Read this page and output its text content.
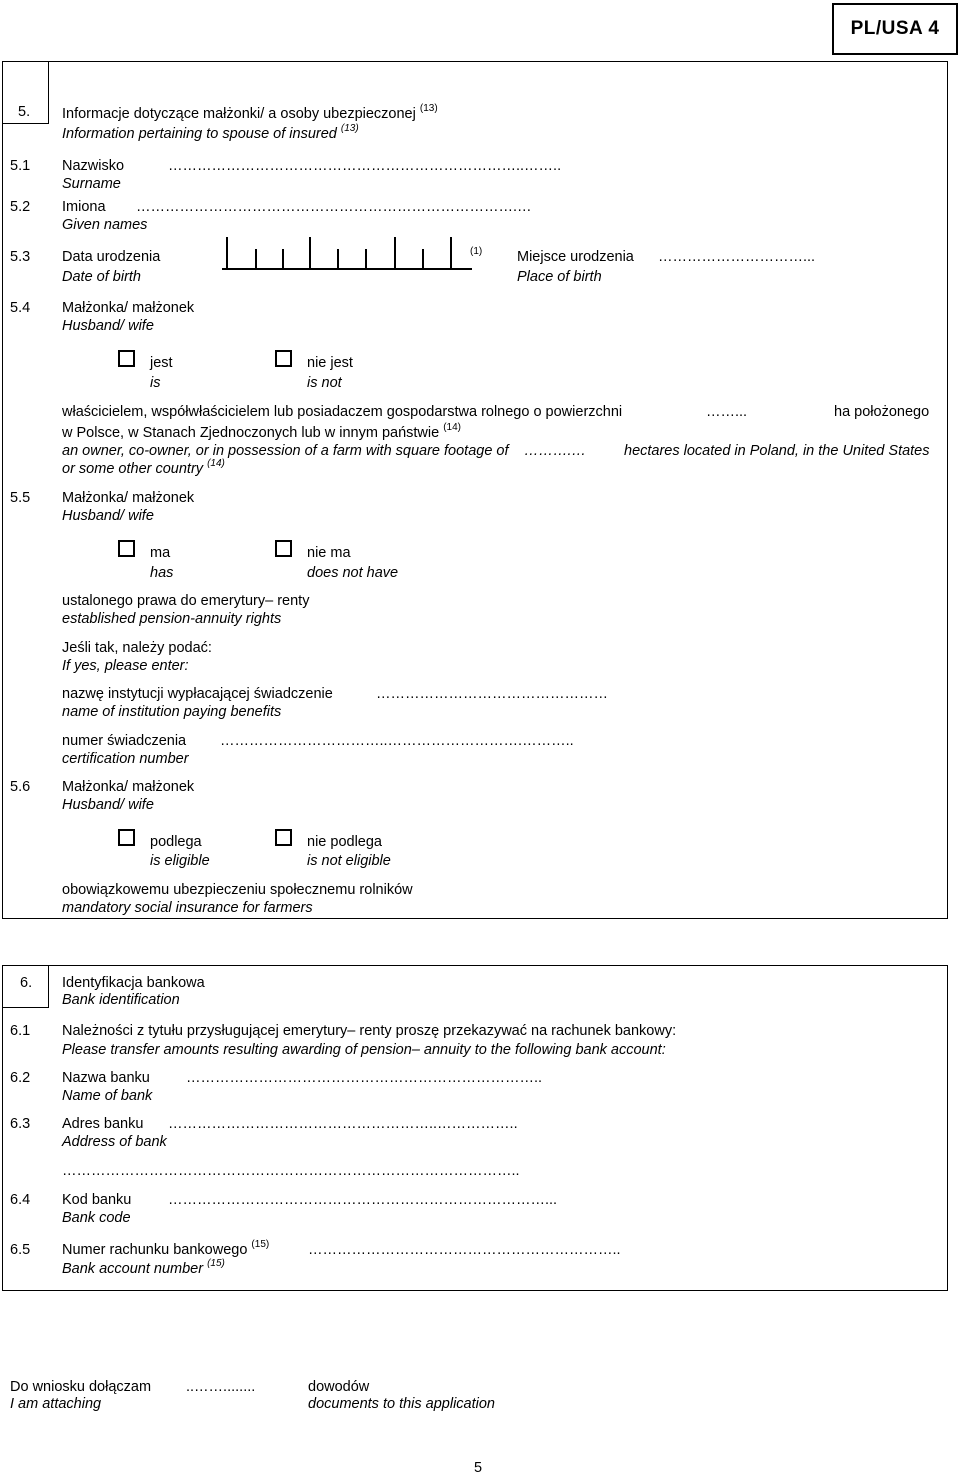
PL/USA 4
5. Informacje dotyczące małżonki/ a osoby ubezpieczonej $^{(13)}$
Information pertaining to spouse of insured $^{(13)}$
5.1 Nazwisko
Surname
………………………………………………………………..……..
5.2 Imiona
Given names
…………………………………………………………………….…
5.3 Data urodzenia
Date of birth
(1) Miejsce urodzenia
Place of birth
…………………………...
5.4 Małżonka/ małżonek
Husband/ wife
jest
is
nie jest
is not
właścicielem, współwłaścicielem lub posiadaczem gospodarstwa rolnego o powierzchni	……...	ha położonego
w Polsce, w Stanach Zjednoczonych lub w innym państwie $^{(14)}$
an owner, co-owner, or in possession of a farm with square footage of ……….…	hectares located in Poland, in the United States
or some other country $^{(14)}$
5.5 Małżonka/ małżonek
Husband/ wife
ma
has
nie ma
does not have
ustalonego prawa do emerytury– renty
established pension-annuity rights
Jeśli tak, należy podać:
If yes, please enter:
nazwę instytucji wypłacającej świadczenie
name of institution paying benefits
…………………………………………
numer świadczenia
certification number
……………………………..……………………….………..
5.6 Małżonka/ małżonek
Husband/ wife
podlega
is eligible
nie podlega
is not eligible
obowiązkowemu ubezpieczeniu społecznemu rolników
mandatory social insurance for farmers
6. Identyfikacja bankowa
Bank identification
6.1 Należności z tytułu przysługującej emerytury– renty proszę przekazywać na rachunek bankowy:
Please transfer amounts resulting awarding of pension– annuity to the following bank account:
6.2 Nazwa banku
Name of bank
………………………………………………………………..
6.3 Adres banku
Address of bank
………………………………………………..……………..
…………………………………………………………………………………..
6.4 Kod banku
Bank code
……………………………………………………………………...
6.5 Numer rachunku bankowego $^{(15)}$
Bank account number $^{(15)}$
………………………………………………………..
Do wniosku dołączam
I am attaching
..……........	dowodów
documents to this application
5
